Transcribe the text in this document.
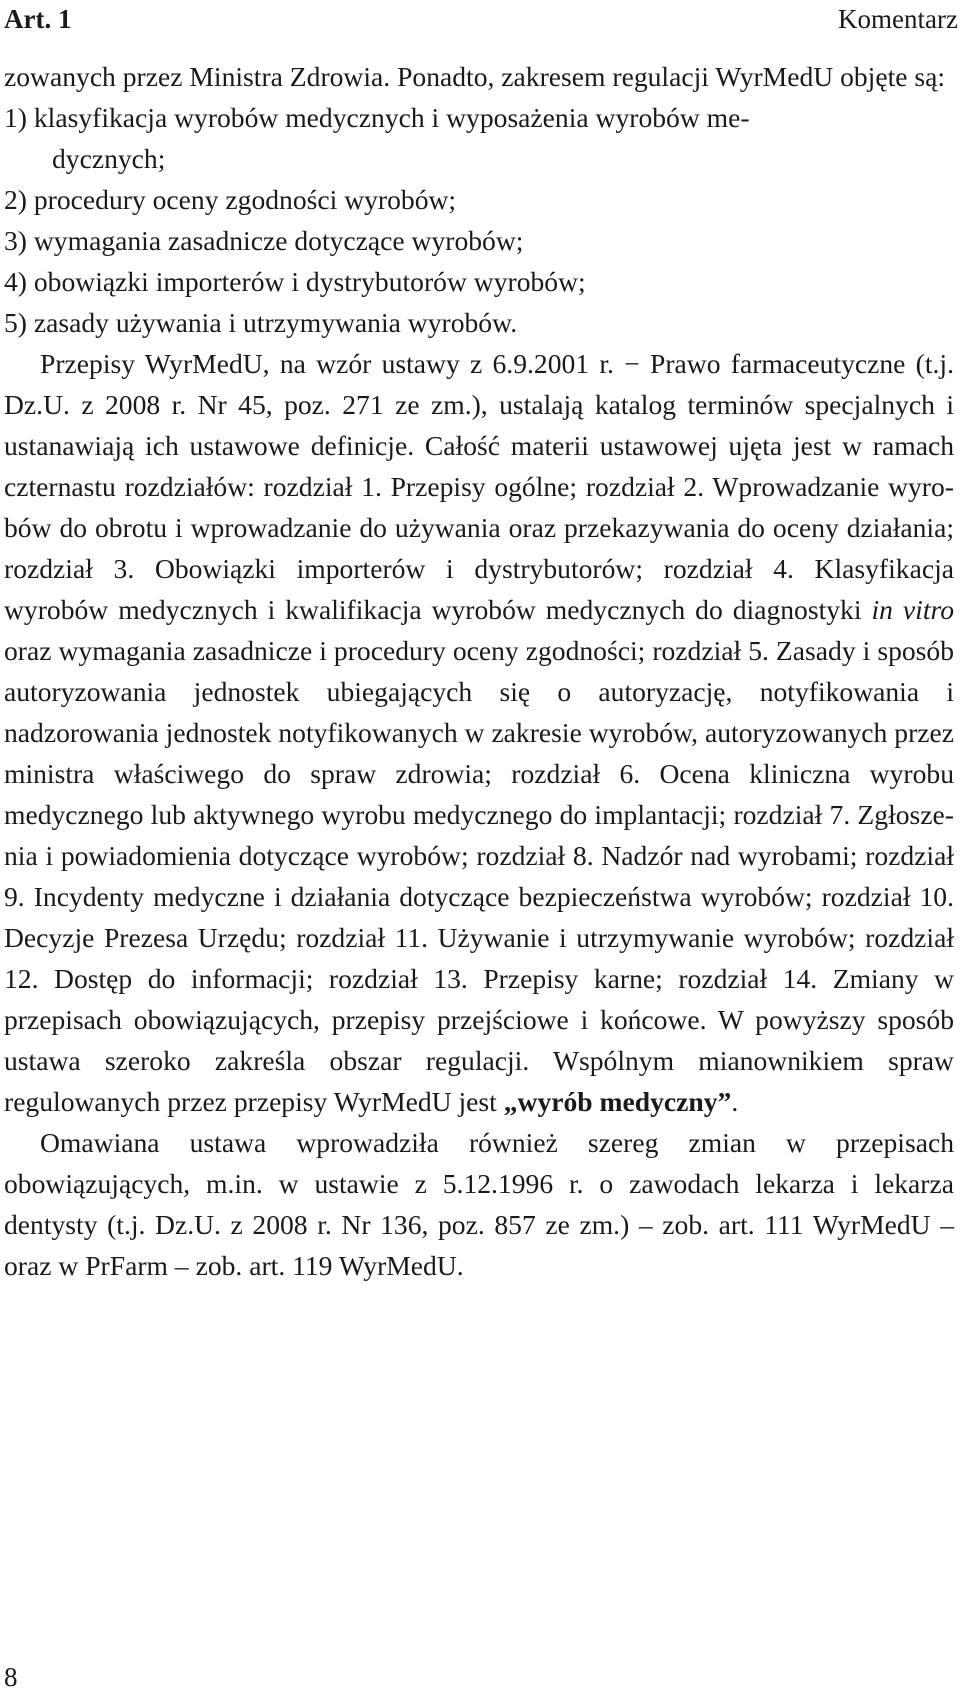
Art. 1	Komentarz

zowanych przez Ministra Zdrowia. Ponadto, zakresem regulacji WyrMedU objęte są:

1) klasyfikacja wyrobów medycznych i wyposażenia wyrobów me-
dycznych;
2) procedury oceny zgodności wyrobów;
3) wymagania zasadnicze dotyczące wyrobów;
4) obowiązki importerów i dystrybutorów wyrobów;
5) zasady używania i utrzymywania wyrobów.

Przepisy WyrMedU, na wzór ustawy z 6.9.2001 r. − Prawo farmaceutyczne (t.j. Dz.U. z 2008 r. Nr 45, poz. 271 ze zm.), ustalają katalog terminów specjalnych i ustanawiają ich ustawowe definicje. Całość materii ustawowej ujęta jest w ramach czternastu rozdziałów: rozdział 1. Przepisy ogólne; rozdział 2. Wprowadzanie wyrobów do obrotu i wprowadzanie do używania oraz przekazywania do oceny działania; rozdział 3. Obowiązki importerów i dystrybutorów; rozdział 4. Klasyfikacja wyrobów medycznych i kwalifikacja wyrobów medycznych do diagnostyki in vitro oraz wymagania zasadnicze i procedury oceny zgodności; rozdział 5. Zasady i sposób autoryzowania jednostek ubiegających się o autoryzację, notyfikowania i nadzorowania jednostek notyfikowanych w zakresie wyrobów, autoryzowanych przez ministra właściwego do spraw zdrowia; rozdział 6. Ocena kliniczna wyrobu medycznego lub aktywnego wyrobu medycznego do implantacji; rozdział 7. Zgłoszenia i powiadomienia dotyczące wyrobów; rozdział 8. Nadzór nad wyrobami; rozdział 9. Incydenty medyczne i działania dotyczące bezpieczeństwa wyrobów; rozdział 10. Decyzje Prezesa Urzędu; rozdział 11. Używanie i utrzymywanie wyrobów; rozdział 12. Dostęp do informacji; rozdział 13. Przepisy karne; rozdział 14. Zmiany w przepisach obowiązujących, przepisy przejściowe i końcowe. W powyższy sposób ustawa szeroko zakreśla obszar regulacji. Wspólnym mianownikiem spraw regulowanych przez przepisy WyrMedU jest „wyrób medyczny”.

Omawiana ustawa wprowadziła również szereg zmian w przepisach obowiązujących, m.in. w ustawie z 5.12.1996 r. o zawodach lekarza i lekarza dentysty (t.j. Dz.U. z 2008 r. Nr 136, poz. 857 ze zm.) – zob. art. 111 WyrMedU – oraz w PrFarm – zob. art. 119 WyrMedU.

8
